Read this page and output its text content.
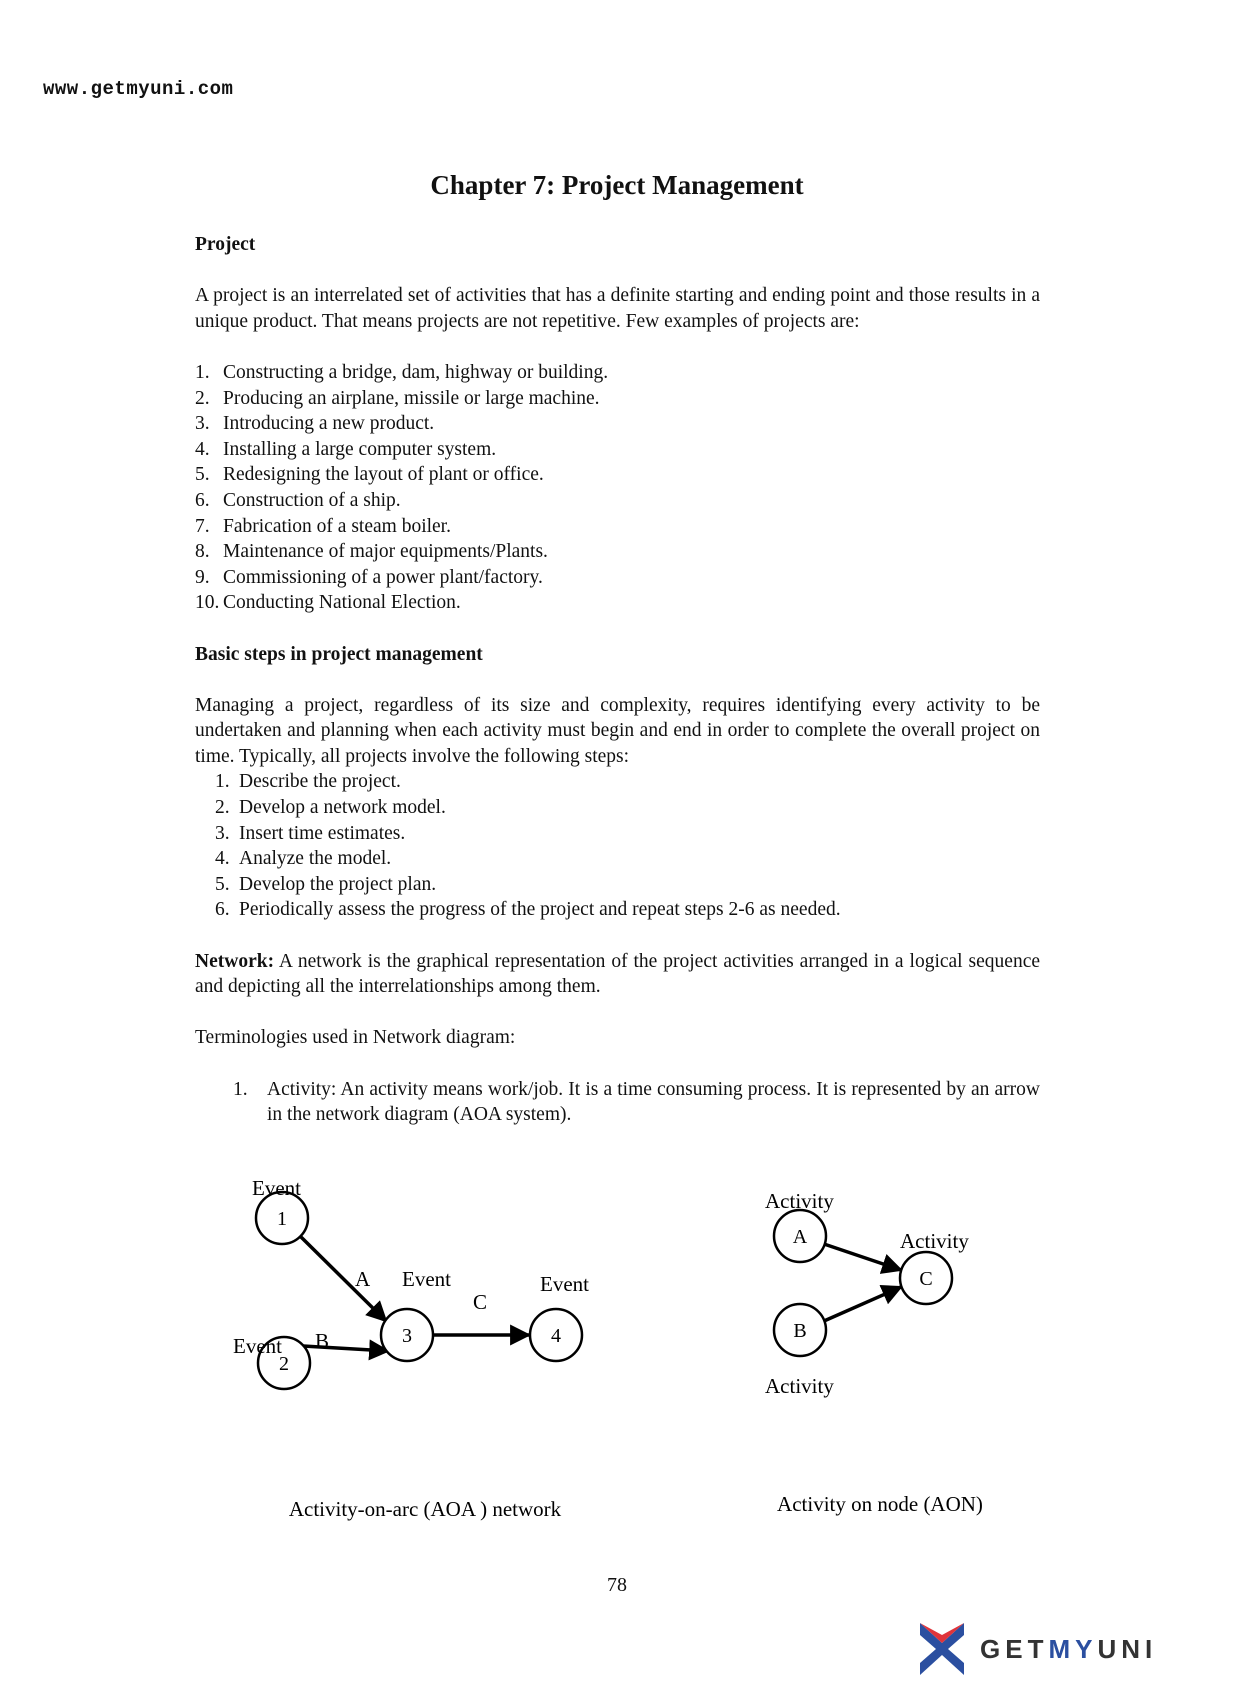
www.getmyuni.com
Chapter 7: Project Management

Project

A project is an interrelated set of activities that has a definite starting and ending point and those results in a unique product. That means projects are not repetitive. Few examples of projects are:

1. Constructing a bridge, dam, highway or building.
2. Producing an airplane, missile or large machine.
3. Introducing a new product.
4. Installing a large computer system.
5. Redesigning the layout of plant or office.
6. Construction of a ship.
7. Fabrication of a steam boiler.
8. Maintenance of major equipments/Plants.
9. Commissioning of a power plant/factory.
10. Conducting National Election.

Basic steps in project management

Managing a project, regardless of its size and complexity, requires identifying every activity to be undertaken and planning when each activity must begin and end in order to complete the overall project on time. Typically, all projects involve the following steps:

1. Describe the project.
2. Develop a network model.
3. Insert time estimates.
4. Analyze the model.
5. Develop the project plan.
6. Periodically assess the progress of the project and repeat steps 2-6 as needed.

Network: A network is the graphical representation of the project activities arranged in a logical sequence and depicting all the interrelationships among them.

Terminologies used in Network diagram:

1. Activity: An activity means work/job. It is a time consuming process. It is represented by an arrow in the network diagram (AOA system).
1
2
3	4
Event
Event	Event
Event
A
B
C
Activity-on-arc (AOA ) network
A
B
C
Activity
Activity
Activity
Activity on node (AON)
78
GETMYUNI
